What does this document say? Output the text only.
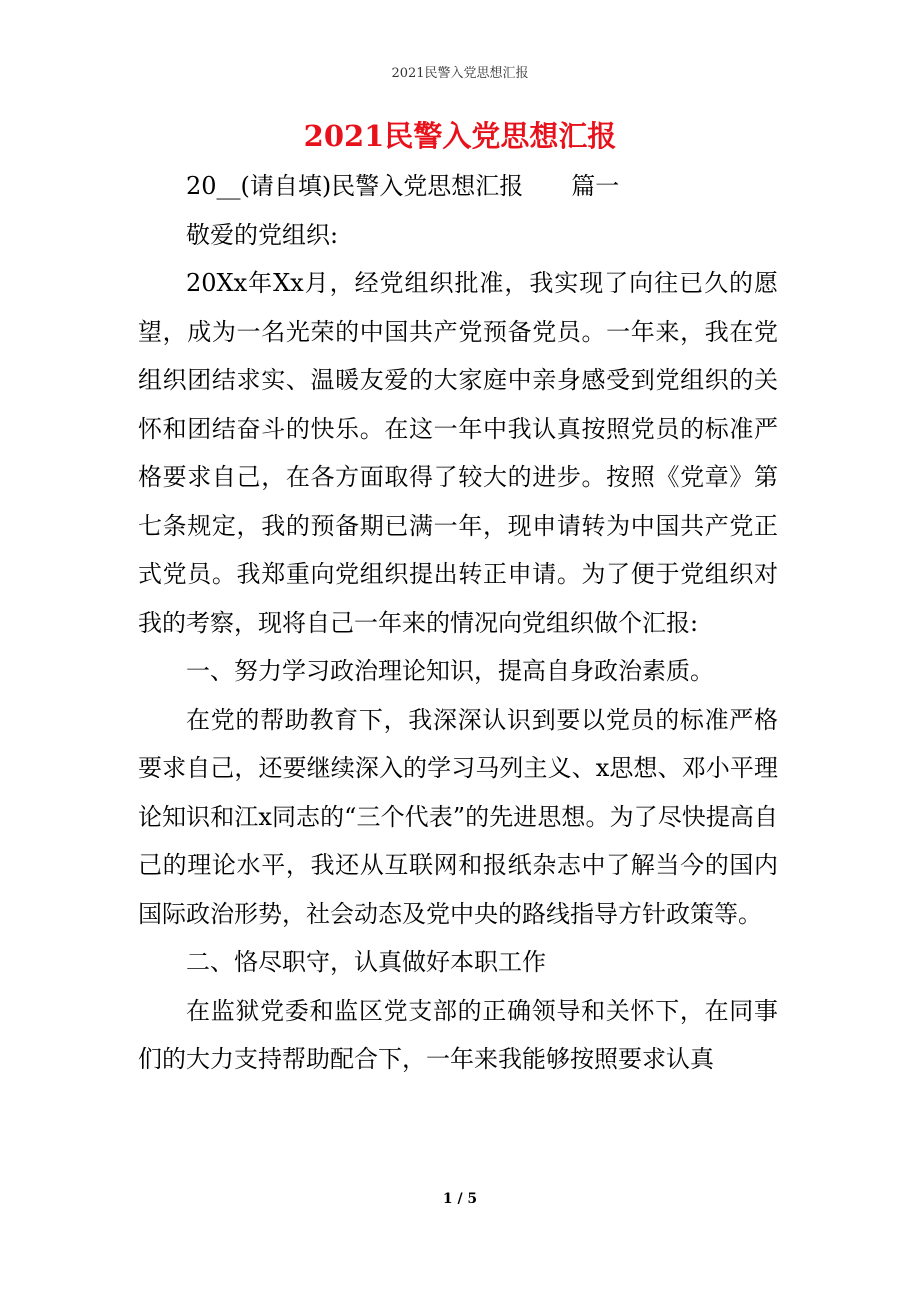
2021民警入党思想汇报
2021民警入党思想汇报

20__(请自填)民警入党思想汇报　　篇一

敬爱的党组织:

20Xx年Xx月，经党组织批准，我实现了向往已久的愿望，成为一名光荣的中国共产党预备党员。一年来，我在党组织团结求实、温暖友爱的大家庭中亲身感受到党组织的关怀和团结奋斗的快乐。在这一年中我认真按照党员的标准严格要求自己，在各方面取得了较大的进步。按照《党章》第七条规定，我的预备期已满一年，现申请转为中国共产党正式党员。我郑重向党组织提出转正申请。为了便于党组织对我的考察，现将自己一年来的情况向党组织做个汇报:

一、努力学习政治理论知识，提高自身政治素质。

在党的帮助教育下，我深深认识到要以党员的标准严格要求自己，还要继续深入的学习马列主义、x思想、邓小平理论知识和江x同志的“三个代表”的先进思想。为了尽快提高自己的理论水平，我还从互联网和报纸杂志中了解当今的国内国际政治形势，社会动态及党中央的路线指导方针政策等。

二、恪尽职守，认真做好本职工作

在监狱党委和监区党支部的正确领导和关怀下，在同事们的大力支持帮助配合下，一年来我能够按照要求认真

1 / 5
